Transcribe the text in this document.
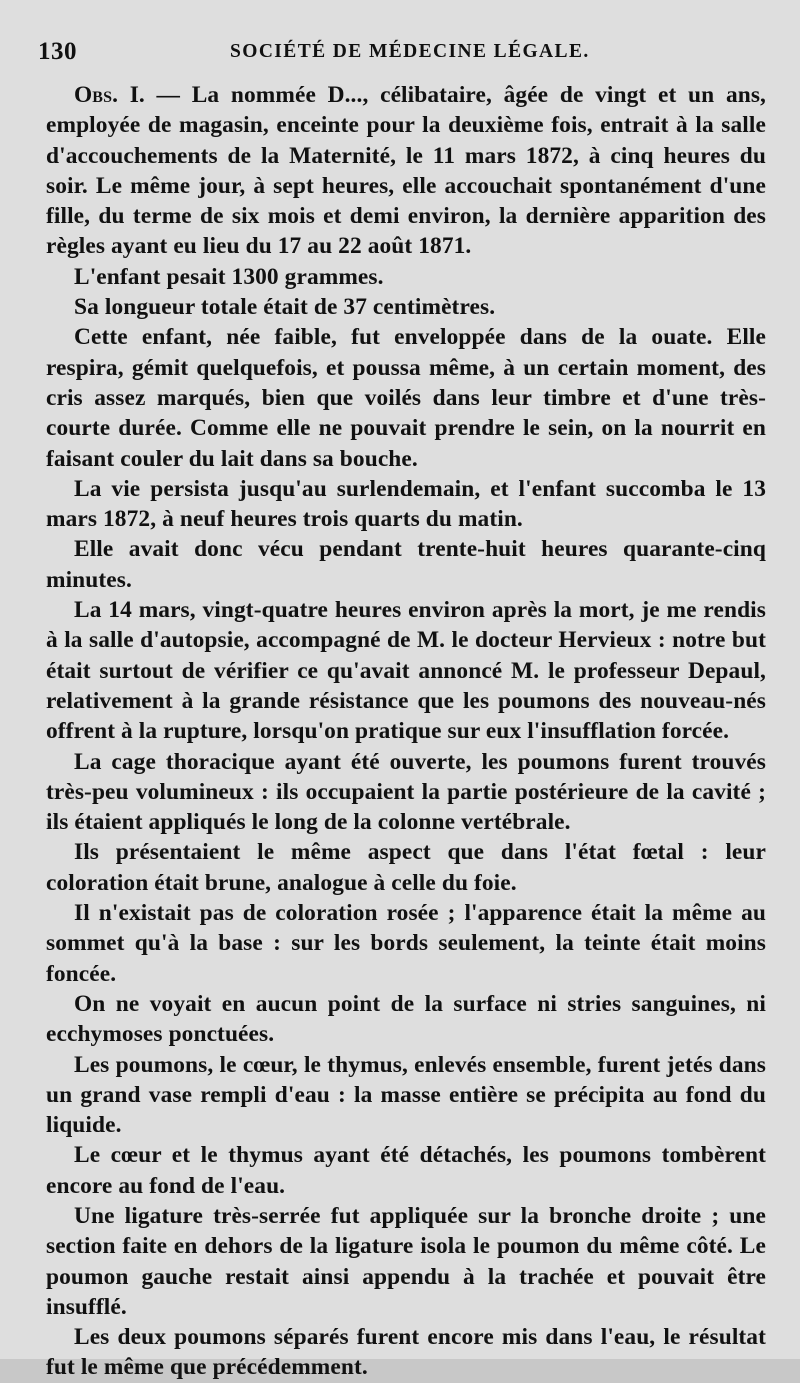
130	SOCIÉTÉ DE MÉDECINE LÉGALE.

Obs. I. — La nommée D..., célibataire, âgée de vingt et un ans, employée de magasin, enceinte pour la deuxième fois, entrait à la salle d'accouchements de la Maternité, le 11 mars 1872, à cinq heures du soir. Le même jour, à sept heures, elle accouchait spontanément d'une fille, du terme de six mois et demi environ, la dernière apparition des règles ayant eu lieu du 17 au 22 août 1871.

L'enfant pesait 1300 grammes.

Sa longueur totale était de 37 centimètres.

Cette enfant, née faible, fut enveloppée dans de la ouate. Elle respira, gémit quelquefois, et poussa même, à un certain moment, des cris assez marqués, bien que voilés dans leur timbre et d'une très-courte durée. Comme elle ne pouvait prendre le sein, on la nourrit en faisant couler du lait dans sa bouche.

La vie persista jusqu'au surlendemain, et l'enfant succomba le 13 mars 1872, à neuf heures trois quarts du matin.

Elle avait donc vécu pendant trente-huit heures quarante-cinq minutes.

La 14 mars, vingt-quatre heures environ après la mort, je me rendis à la salle d'autopsie, accompagné de M. le docteur Hervieux : notre but était surtout de vérifier ce qu'avait annoncé M. le professeur Depaul, relativement à la grande résistance que les poumons des nouveau-nés offrent à la rupture, lorsqu'on pratique sur eux l'insufflation forcée.

La cage thoracique ayant été ouverte, les poumons furent trouvés très-peu volumineux : ils occupaient la partie postérieure de la cavité ; ils étaient appliqués le long de la colonne vertébrale.

Ils présentaient le même aspect que dans l'état fœtal : leur coloration était brune, analogue à celle du foie.

Il n'existait pas de coloration rosée ; l'apparence était la même au sommet qu'à la base : sur les bords seulement, la teinte était moins foncée.

On ne voyait en aucun point de la surface ni stries sanguines, ni ecchymoses ponctuées.

Les poumons, le cœur, le thymus, enlevés ensemble, furent jetés dans un grand vase rempli d'eau : la masse entière se précipita au fond du liquide.

Le cœur et le thymus ayant été détachés, les poumons tombèrent encore au fond de l'eau.

Une ligature très-serrée fut appliquée sur la bronche droite ; une section faite en dehors de la ligature isola le poumon du même côté. Le poumon gauche restait ainsi appendu à la trachée et pouvait être insufflé.

Les deux poumons séparés furent encore mis dans l'eau, le résultat fut le même que précédemment.
